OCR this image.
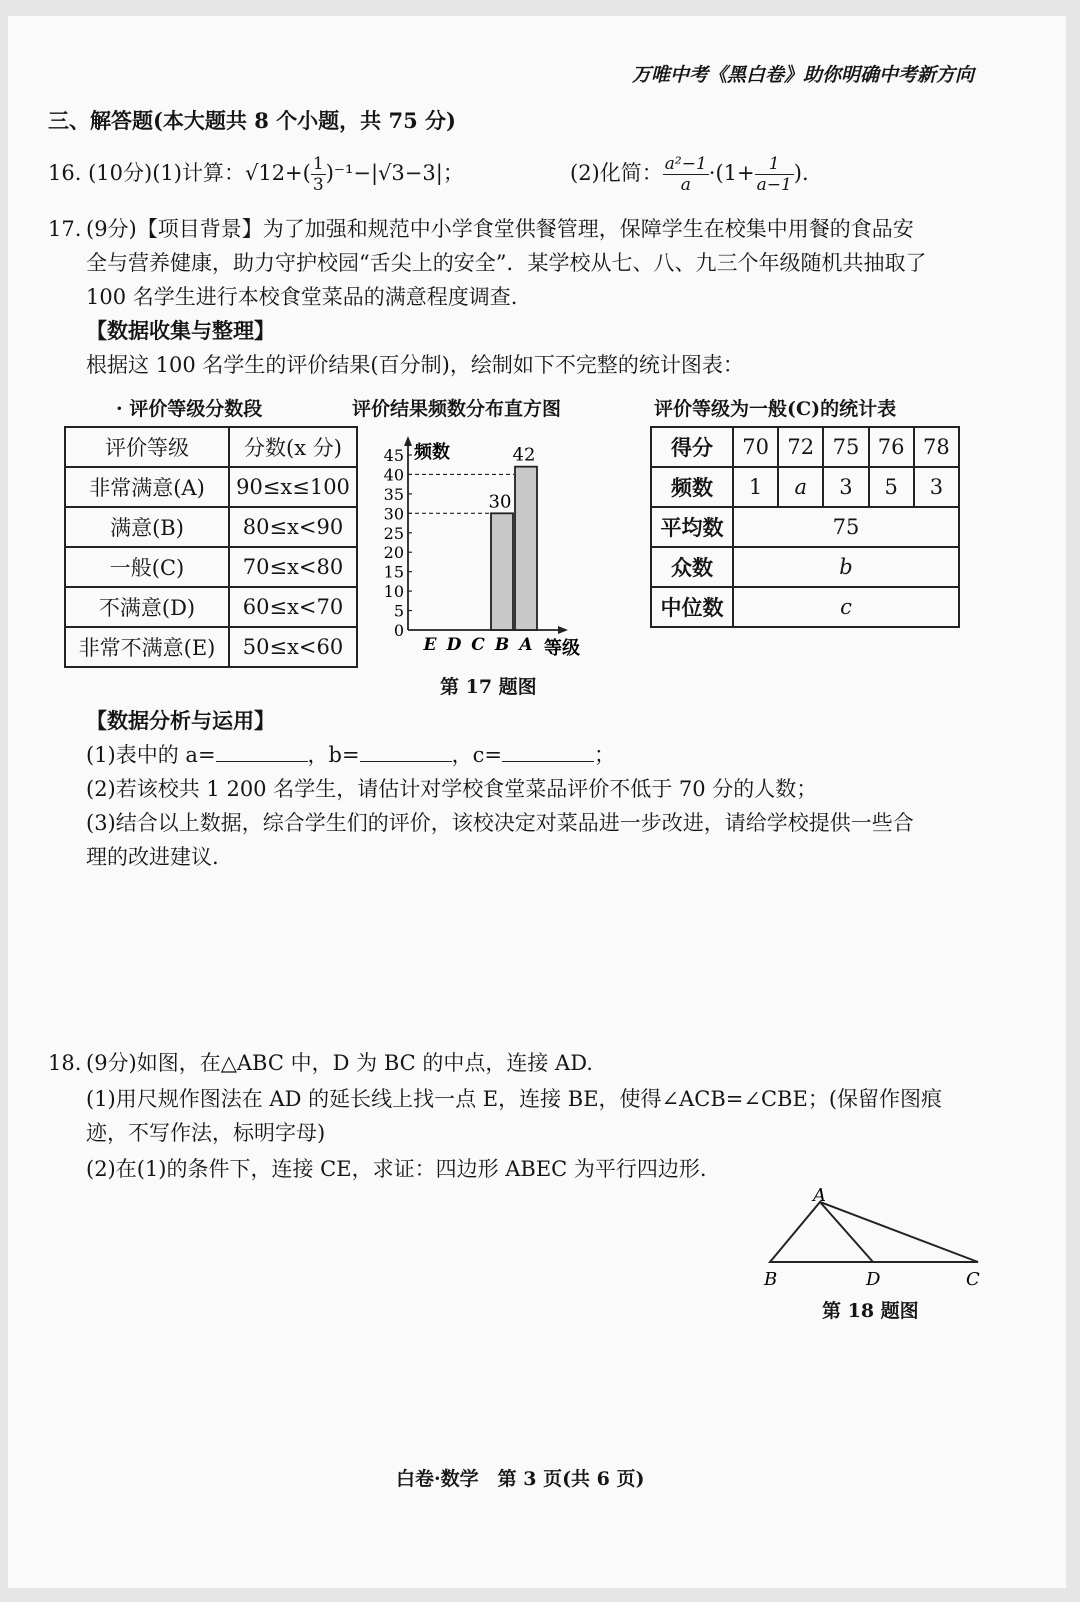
万唯中考《黑白卷》助你明确中考新方向
三、解答题(本大题共 8 个小题，共 75 分)
16. (10分)(1)计算：$√12+( \frac{1}{3} )^{-1}-|√3-3|$；	(2)化简： $\frac{\text{a²−1}}{a} \cdot(1+ \frac{1}{a-1}$ ).
17. (9分)【项目背景】为了加强和规范中小学食堂供餐管理，保障学生在校集中用餐的食品安
全与营养健康，助力守护校园“舌尖上的安全”．某学校从七、八、九三个年级随机共抽取了
100 名学生进行本校食堂菜品的满意程度调查.
【数据收集与整理】
根据这 100 名学生的评价结果(百分制)，绘制如下不完整的统计图表：
· 评价等级分数段	评价结果频数分布直方图	评价等级为一般(C)的统计表
评价等级	分数(x 分)
非常满意(A)	90≤x≤100
满意(B)	80≤x<90
一般(C)	70≤x<80
不满意(D)	60≤x<70
非常不满意(E)	50≤x<60
频数
0
5
10
15
20
25
30
35
40
45
E D C B A
30
42
等级
得分	70	72	75	76	78
频数	1	a	3	5	3
平均数	75				
众数	b				
中位数	c				
第 17 题图
【数据分析与运用】
(1)表中的 a=	，b=	，c=	；
(2)若该校共 1 200 名学生，请估计对学校食堂菜品评价不低于 70 分的人数；
(3)结合以上数据，综合学生们的评价，该校决定对菜品进一步改进，请给学校提供一些合
理的改进建议.
18. (9分)如图，在△ABC 中，D 为 BC 的中点，连接 AD.
(1)用尺规作图法在 AD 的延长线上找一点 E，连接 BE，使得∠ACB=∠CBE；(保留作图痕
迹，不写作法，标明字母)
(2)在(1)的条件下，连接 CE，求证：四边形 ABEC 为平行四边形.
A
B	D	C
第 18 题图
白卷·数学　第 3 页(共 6 页)
